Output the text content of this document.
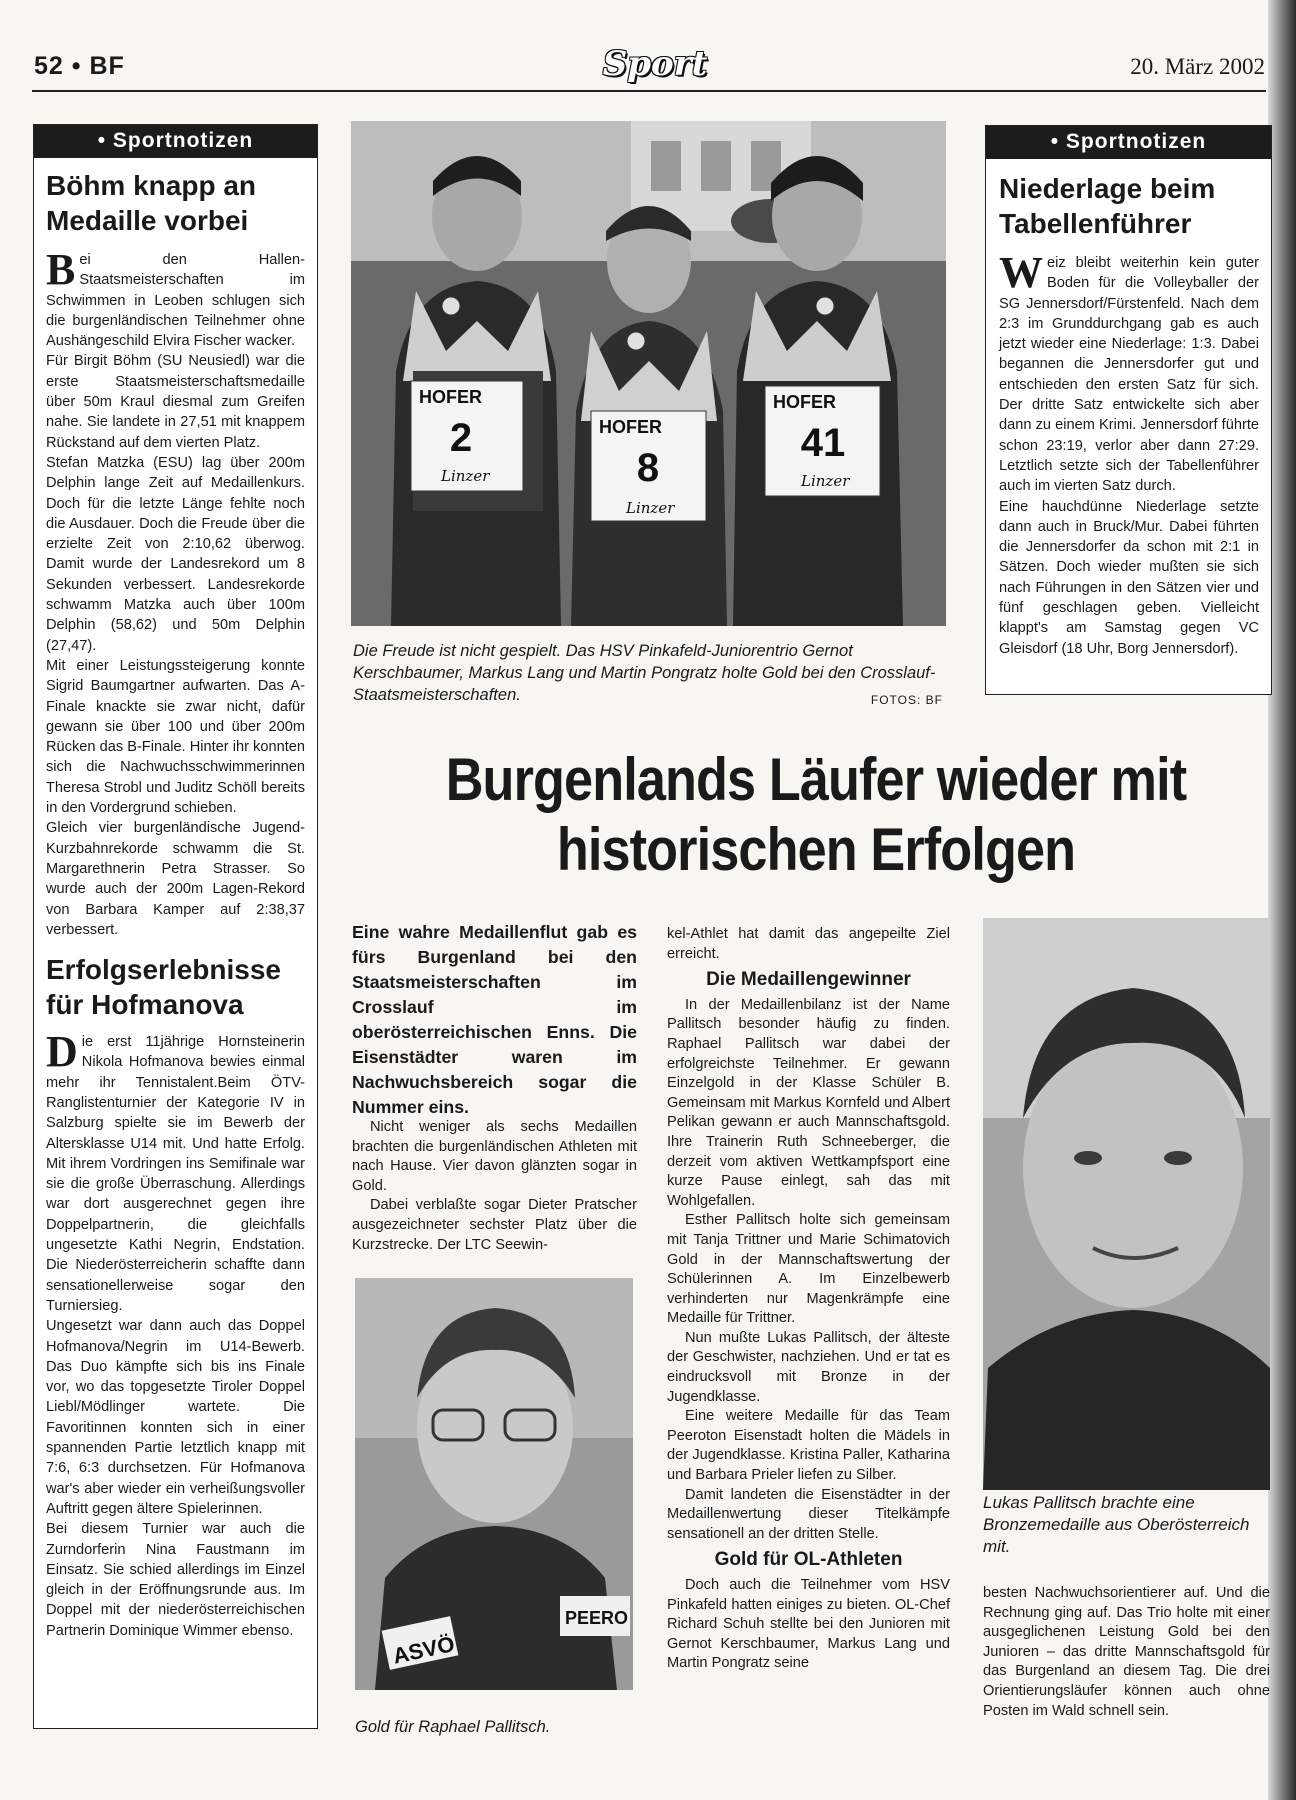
52 • BF	Sport	20. März 2002
• Sportnotizen
Böhm knapp an Medaille vorbei
B ei den Hallen-Staatsmeisterschaften im Schwimmen in Leoben schlugen sich die burgenländischen Teilnehmer ohne Aushängeschild Elvira Fischer wacker.

Für Birgit Böhm (SU Neusiedl) war die erste Staatsmeisterschaftsmedaille über 50m Kraul diesmal zum Greifen nahe. Sie landete in 27,51 mit knappem Rückstand auf dem vierten Platz.

Stefan Matzka (ESU) lag über 200m Delphin lange Zeit auf Medaillenkurs. Doch für die letzte Länge fehlte noch die Ausdauer. Doch die Freude über die erzielte Zeit von 2:10,62 überwog. Damit wurde der Landesrekord um 8 Sekunden verbessert. Landesrekorde schwamm Matzka auch über 100m Delphin (58,62) und 50m Delphin (27,47).

Mit einer Leistungssteigerung konnte Sigrid Baumgartner aufwarten. Das A-Finale knackte sie zwar nicht, dafür gewann sie über 100 und über 200m Rücken das B-Finale. Hinter ihr konnten sich die Nachwuchsschwimmerinnen Theresa Strobl und Juditz Schöll bereits in den Vordergrund schieben.

Gleich vier burgenländische Jugend-Kurzbahnrekorde schwamm die St. Margarethnerin Petra Strasser. So wurde auch der 200m Lagen-Rekord von Barbara Kamper auf 2:38,37 verbessert.

Erfolgserlebnisse für Hofmanova
D ie erst 11jährige Hornsteinerin Nikola Hofmanova bewies einmal mehr ihr Tennistalent.Beim ÖTV-Ranglistenturnier der Kategorie IV in Salzburg spielte sie im Bewerb der Altersklasse U14 mit. Und hatte Erfolg. Mit ihrem Vordringen ins Semifinale war sie die große Überraschung. Allerdings war dort ausgerechnet gegen ihre Doppelpartnerin, die gleichfalls ungesetzte Kathi Negrin, Endstation. Die Niederösterreicherin schaffte dann sensationellerweise sogar den Turniersieg.

Ungesetzt war dann auch das Doppel Hofmanova/Negrin im U14-Bewerb. Das Duo kämpfte sich bis ins Finale vor, wo das topgesetzte Tiroler Doppel Liebl/Mödlinger wartete. Die Favoritinnen konnten sich in einer spannenden Partie letztlich knapp mit 7:6, 6:3 durchsetzen. Für Hofmanova war's aber wieder ein verheißungsvoller Auftritt gegen ältere Spielerinnen.

Bei diesem Turnier war auch die Zurndorferin Nina Faustmann im Einsatz. Sie schied allerdings im Einzel gleich in der Eröffnungsrunde aus. Im Doppel mit der niederösterreichischen Partnerin Dominique Wimmer ebenso.

HOFER
HOFER
HOFER
2
8
41
Linzer
Linzer
Linzer
Die Freude ist nicht gespielt. Das HSV Pinkafeld-Juniorentrio Gernot Kerschbaumer, Markus Lang und Martin Pongratz holte Gold bei den Crosslauf-Staatsmeisterschaften.	FOTOS: BF
• Sportnotizen
Niederlage beim Tabellenführer
W eiz bleibt weiterhin kein guter Boden für die Volleyballer der SG Jennersdorf/Fürstenfeld. Nach dem 2:3 im Grunddurchgang gab es auch jetzt wieder eine Niederlage: 1:3. Dabei begannen die Jennersdorfer gut und entschieden den ersten Satz für sich. Der dritte Satz entwickelte sich aber dann zu einem Krimi. Jennersdorf führte schon 23:19, verlor aber dann 27:29. Letztlich setzte sich der Tabellenführer auch im vierten Satz durch.

Eine hauchdünne Niederlage setzte dann auch in Bruck/Mur. Dabei führten die Jennersdorfer da schon mit 2:1 in Sätzen. Doch wieder mußten sie sich nach Führungen in den Sätzen vier und fünf geschlagen geben. Vielleicht klappt's am Samstag gegen VC Gleisdorf (18 Uhr, Borg Jennersdorf).

Burgenlands Läufer wieder mit historischen Erfolgen
Eine wahre Medaillenflut gab es fürs Burgenland bei den Staatsmeisterschaften im Crosslauf im oberösterreichischen Enns. Die Eisenstädter waren im Nachwuchsbereich sogar die Nummer eins.

Nicht weniger als sechs Medaillen brachten die burgenländischen Athleten mit nach Hause. Vier davon glänzten sogar in Gold.

Dabei verblaßte sogar Dieter Pratscher ausgezeichneter sechster Platz über die Kurzstrecke. Der LTC Seewin-

ASVÖ
PEERO
Gold für Raphael Pallitsch.

kel-Athlet hat damit das angepeilte Ziel erreicht.

Die Medaillengewinner

In der Medaillenbilanz ist der Name Pallitsch besonder häufig zu finden. Raphael Pallitsch war dabei der erfolgreichste Teilnehmer. Er gewann Einzelgold in der Klasse Schüler B. Gemeinsam mit Markus Kornfeld und Albert Pelikan gewann er auch Mannschaftsgold. Ihre Trainerin Ruth Schneeberger, die derzeit vom aktiven Wettkampfsport eine kurze Pause einlegt, sah das mit Wohlgefallen.

Esther Pallitsch holte sich gemeinsam mit Tanja Trittner und Marie Schimatovich Gold in der Mannschaftswertung der Schülerinnen A. Im Einzelbewerb verhinderten nur Magenkrämpfe eine Medaille für Trittner.

Nun mußte Lukas Pallitsch, der älteste der Geschwister, nachziehen. Und er tat es eindrucksvoll mit Bronze in der Jugendklasse.

Eine weitere Medaille für das Team Peeroton Eisenstadt holten die Mädels in der Jugendklasse. Kristina Paller, Katharina und Barbara Prieler liefen zu Silber.

Damit landeten die Eisenstädter in der Medaillenwertung dieser Titelkämpfe sensationell an der dritten Stelle.

Gold für OL-Athleten

Doch auch die Teilnehmer vom HSV Pinkafeld hatten einiges zu bieten. OL-Chef Richard Schuh stellte bei den Junioren mit Gernot Kerschbaumer, Markus Lang und Martin Pongratz seine

Lukas Pallitsch brachte eine Bronzemedaille aus Oberösterreich mit.

besten Nachwuchsorientierer auf. Und die Rechnung ging auf. Das Trio holte mit einer ausgeglichenen Leistung Gold bei den Junioren – das dritte Mannschaftsgold für das Burgenland an diesem Tag. Die drei Orientierungsläufer können auch ohne Posten im Wald schnell sein.
